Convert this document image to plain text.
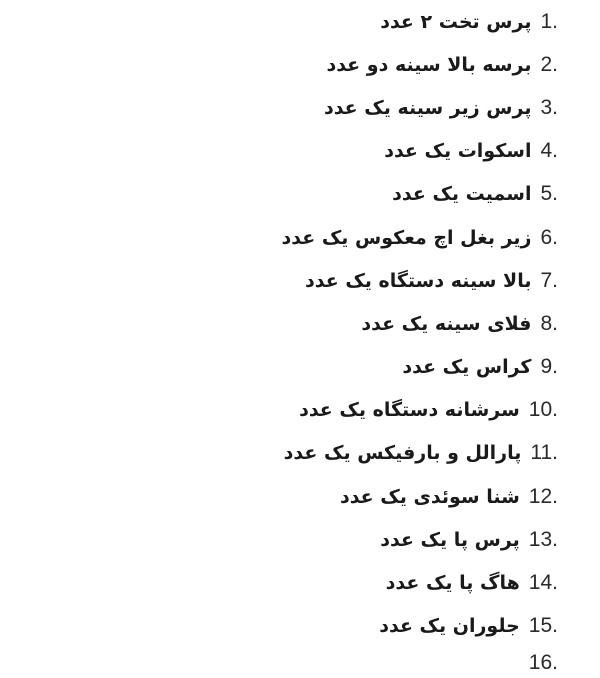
پرس تخت ۲ عدد 1.
برسه بالا سینه دو عدد 2.
پرس زیر سینه یک عدد 3.
اسکوات یک عدد 4.
اسمیت یک عدد 5.
زیر بغل اچ معکوس یک عدد 6.
بالا سینه دستگاه یک عدد 7.
فلای سینه یک عدد 8.
کراس یک عدد 9.
سرشانه دستگاه یک عدد 10.
پارالل و بارفیکس یک عدد 11.
شنا سوئدی یک عدد 12.
پرس پا یک عدد 13.
هاگ پا یک عدد 14.
جلوران یک عدد 15.
16.
